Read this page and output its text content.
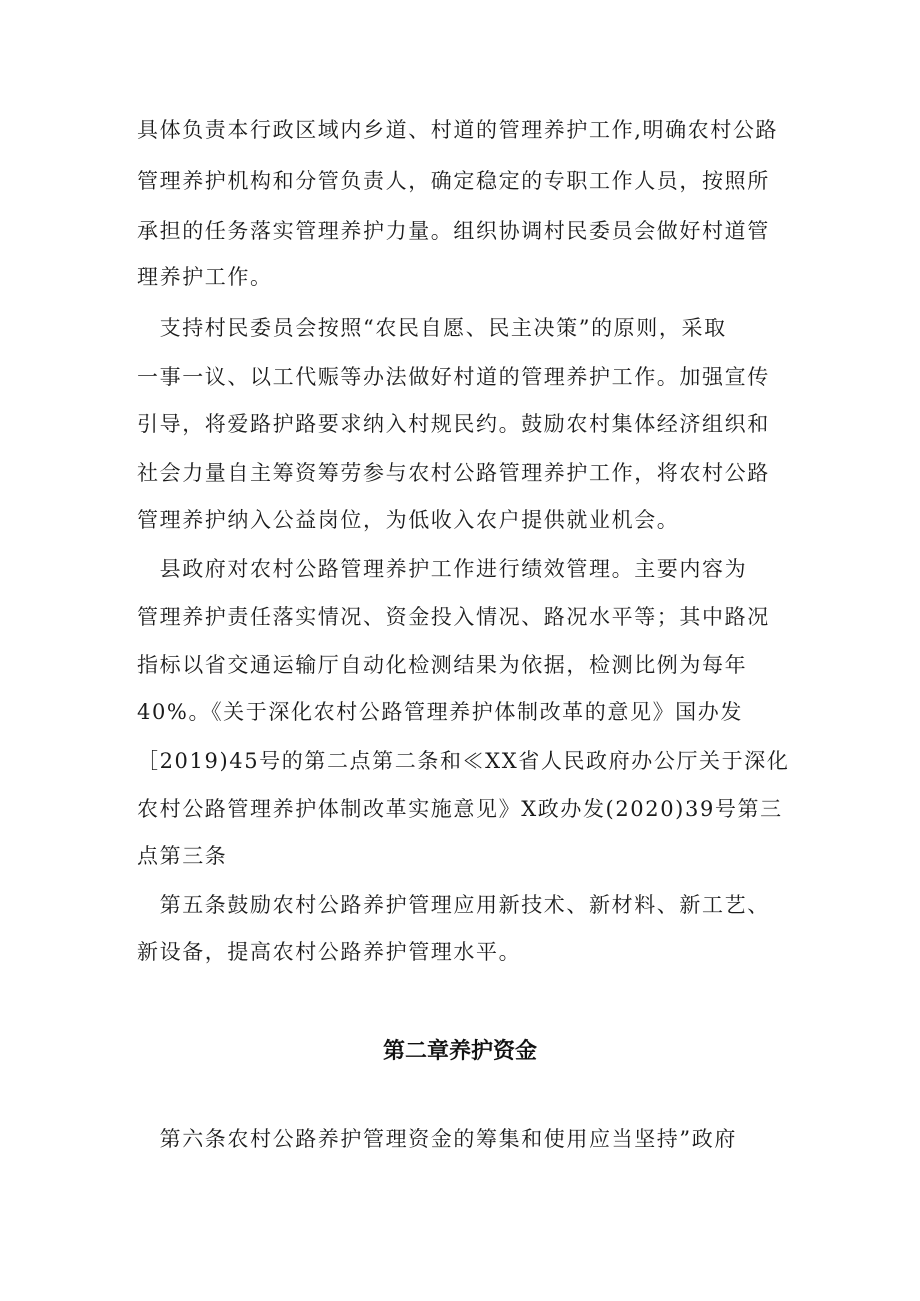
具体负责本行政区域内乡道、村道的管理养护工作,明确农村公路
管理养护机构和分管负责人，确定稳定的专职工作人员，按照所
承担的任务落实管理养护力量。组织协调村民委员会做好村道管
理养护工作。
　支持村民委员会按照“农民自愿、民主决策”的原则，采取
一事一议、以工代赈等办法做好村道的管理养护工作。加强宣传
引导，将爱路护路要求纳入村规民约。鼓励农村集体经济组织和
社会力量自主筹资筹劳参与农村公路管理养护工作，将农村公路
管理养护纳入公益岗位，为低收入农户提供就业机会。
　县政府对农村公路管理养护工作进行绩效管理。主要内容为
管理养护责任落实情况、资金投入情况、路况水平等；其中路况
指标以省交通运输厅自动化检测结果为依据，检测比例为每年
40%。《关于深化农村公路管理养护体制改革的意见》国办发
［2019)45号的第二点第二条和≪XX省人民政府办公厅关于深化
农村公路管理养护体制改革实施意见》X政办发(2020)39号第三
点第三条
　第五条鼓励农村公路养护管理应用新技术、新材料、新工艺、
新设备，提高农村公路养护管理水平。
第二章养护资金
　第六条农村公路养护管理资金的筹集和使用应当坚持”政府
